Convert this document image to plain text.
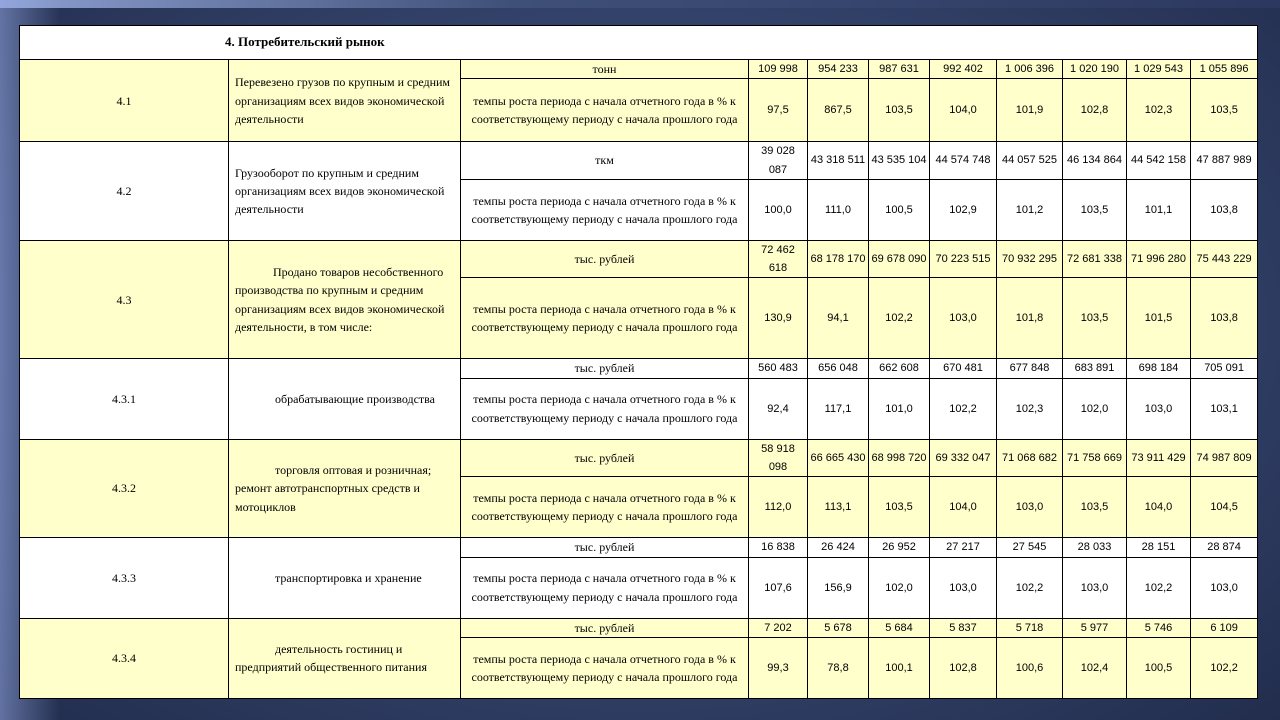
4. Потребительский рынок										
4.1	Перевезено грузов по крупным и средним организациям всех видов экономической деятельности	тонн	109 998	954 233	987 631	992 402	1 006 396	1 020 190	1 029 543	1 055 896
		темпы роста периода с начала отчетного года в % к соответствующему периоду с начала прошлого года	97,5	867,5	103,5	104,0	101,9	102,8	102,3	103,5
4.2	Грузооборот по крупным и средним организациям всех видов экономической деятельности	ткм	39 028 087	43 318 511	43 535 104	44 574 748	44 057 525	46 134 864	44 542 158	47 887 989
		темпы роста периода с начала отчетного года в % к соответствующему периоду с начала прошлого года	100,0	111,0	100,5	102,9	101,2	103,5	101,1	103,8
4.3	Продано товаров несобственного производства по крупным и средним организациям всех видов экономической деятельности, в том числе:	тыс. рублей	72 462 618	68 178 170	69 678 090	70 223 515	70 932 295	72 681 338	71 996 280	75 443 229
		темпы роста периода с начала отчетного года в % к соответствующему периоду с начала прошлого года	130,9	94,1	102,2	103,0	101,8	103,5	101,5	103,8
4.3.1	обрабатывающие производства	тыс. рублей	560 483	656 048	662 608	670 481	677 848	683 891	698 184	705 091
		темпы роста периода с начала отчетного года в % к соответствующему периоду с начала прошлого года	92,4	117,1	101,0	102,2	102,3	102,0	103,0	103,1
4.3.2	торговля оптовая и розничная; ремонт автотранспортных средств и мотоциклов	тыс. рублей	58 918 098	66 665 430	68 998 720	69 332 047	71 068 682	71 758 669	73 911 429	74 987 809
		темпы роста периода с начала отчетного года в % к соответствующему периоду с начала прошлого года	112,0	113,1	103,5	104,0	103,0	103,5	104,0	104,5
4.3.3	транспортировка и хранение	тыс. рублей	16 838	26 424	26 952	27 217	27 545	28 033	28 151	28 874
		темпы роста периода с начала отчетного года в % к соответствующему периоду с начала прошлого года	107,6	156,9	102,0	103,0	102,2	103,0	102,2	103,0
4.3.4	деятельность гостиниц и предприятий общественного питания	тыс. рублей	7 202	5 678	5 684	5 837	5 718	5 977	5 746	6 109
		темпы роста периода с начала отчетного года в % к соответствующему периоду с начала прошлого года	99,3	78,8	100,1	102,8	100,6	102,4	100,5	102,2
